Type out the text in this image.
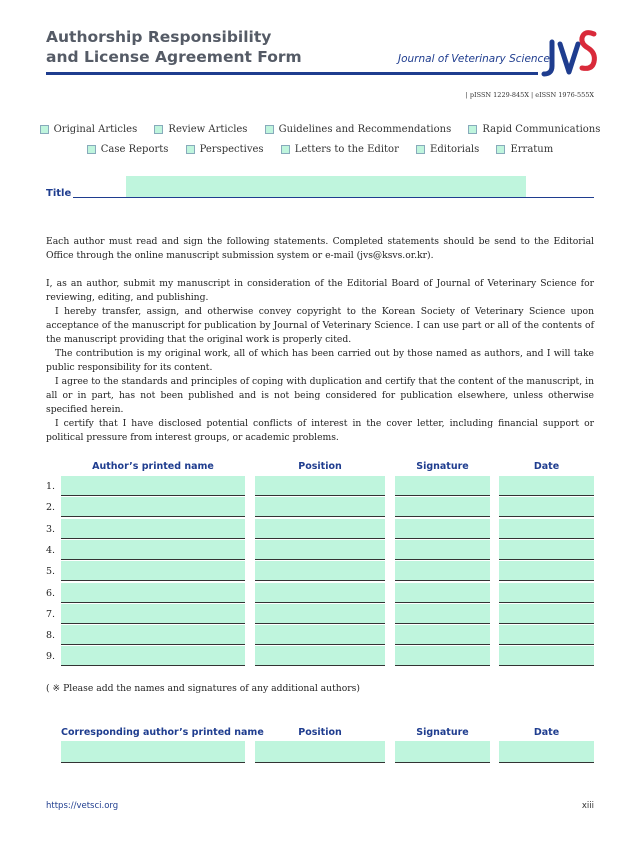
Authorship Responsibility
and License Agreement Form	Journal of Veterinary Science
| pISSN 1229-845X | eISSN 1976-555X
Original Articles
	Review Articles
	Guidelines and Recommendations
	Rapid Communications
Case Reports
	Perspectives
	Letters to the Editor
	Editorials
	Erratum
Title

Each author must read and sign the following statements. Completed statements should be send to the Editorial Office through the online manuscript submission system or e-mail (jvs@ksvs.or.kr).

I, as an author, submit my manuscript in consideration of the Editorial Board of Journal of Veterinary Science for reviewing, editing, and publishing.

I hereby transfer, assign, and otherwise convey copyright to the Korean Society of Veterinary Science upon acceptance of the manuscript for publication by Journal of Veterinary Science. I can use part or all of the contents of the manuscript providing that the original work is properly cited.

The contribution is my original work, all of which has been carried out by those named as authors, and I will take public responsibility for its content.

I agree to the standards and principles of coping with duplication and certify that the content of the manuscript, in all or in part, has not been published and is not being considered for publication elsewhere, unless otherwise specified herein.

I certify that I have disclosed potential conflicts of interest in the cover letter, including financial support or political pressure from interest groups, or academic problems.

Author’s printed name	Position	Signature	Date
1.
2.
3.
4.
5.
6.
7.
8.
9.
( ※ Please add the names and signatures of any additional authors)
Corresponding author’s printed name	Position	Signature	Date
https://vetsci.org	xiii
